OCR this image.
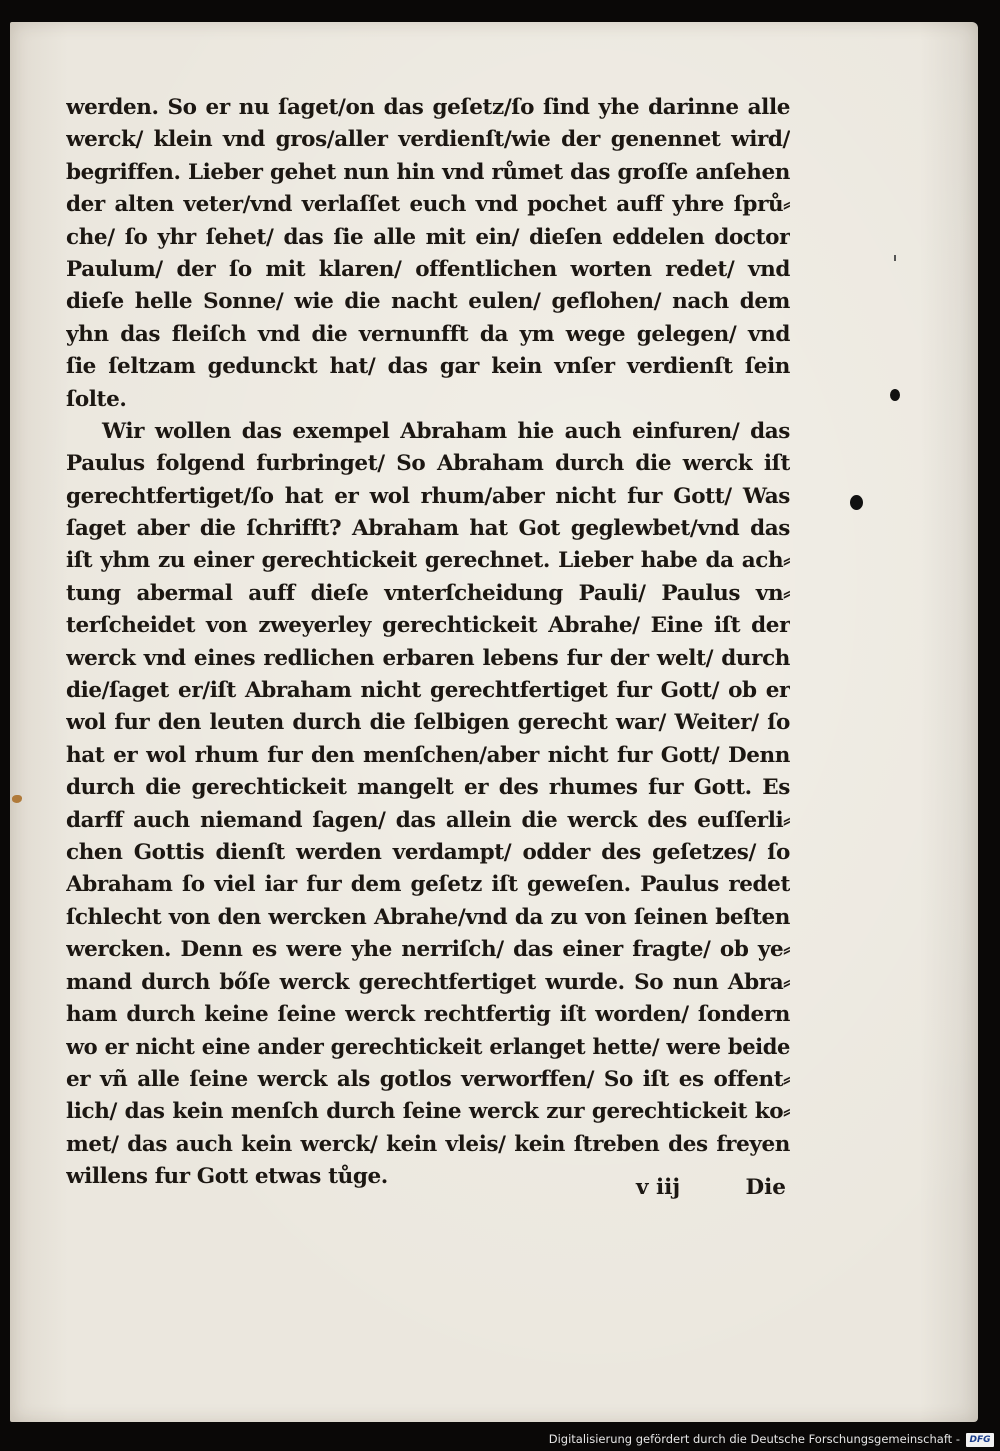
werden. So er nu ſaget/on das geſetz/ſo ſind yhe darinne alle
werck/ klein vnd gros/aller verdienſt/wie der genennet wird/
begriffen. Lieber gehet nun hin vnd růmet das groſſe anſehen
der alten veter/vnd verlaſſet euch vnd pochet auff yhre ſprů⸗
che/ ſo yhr ſehet/ das ſie alle mit ein/ dieſen eddelen doctor
Paulum/ der ſo mit klaren/ offentlichen worten redet/ vnd
dieſe helle Sonne/ wie die nacht eulen/ geflohen/ nach dem
yhn das fleiſch vnd die vernunfft da ym wege gelegen/ vnd
ſie ſeltzam gedunckt hat/ das gar kein vnſer verdienſt ſein
ſolte.
Wir wollen das exempel Abraham hie auch einfuren/ das
Paulus folgend furbringet/ So Abraham durch die werck iſt
gerechtfertiget/ſo hat er wol rhum/aber nicht fur Gott/ Was
ſaget aber die ſchrifft? Abraham hat Got geglewbet/vnd das
iſt yhm zu einer gerechtickeit gerechnet. Lieber habe da ach⸗
tung abermal auff dieſe vnterſcheidung Pauli/ Paulus vn⸗
terſcheidet von zweyerley gerechtickeit Abrahe/ Eine iſt der
werck vnd eines redlichen erbaren lebens fur der welt/ durch
die/ſaget er/iſt Abraham nicht gerechtfertiget fur Gott/ ob er
wol fur den leuten durch die ſelbigen gerecht war/ Weiter/ ſo
hat er wol rhum fur den menſchen/aber nicht fur Gott/ Denn
durch die gerechtickeit mangelt er des rhumes fur Gott. Es
darff auch niemand ſagen/ das allein die werck des euſſerli⸗
chen Gottis dienſt werden verdampt/ odder des geſetzes/ ſo
Abraham ſo viel iar fur dem geſetz iſt geweſen. Paulus redet
ſchlecht von den wercken Abrahe/vnd da zu von ſeinen beſten
wercken. Denn es were yhe nerriſch/ das einer fragte/ ob ye⸗
mand durch bőſe werck gerechtfertiget wurde. So nun Abra⸗
ham durch keine ſeine werck rechtfertig iſt worden/ ſondern
wo er nicht eine ander gerechtickeit erlanget hette/ were beide
er vñ alle ſeine werck als gotlos verworffen/ So iſt es offent⸗
lich/ das kein menſch durch ſeine werck zur gerechtickeit ko⸗
met/ das auch kein werck/ kein vleis/ kein ſtreben des freyen
willens fur Gott etwas tůge.	v iij	Die
Digitalisierung gefördert durch die Deutsche Forschungsgemeinschaft -	DFG
